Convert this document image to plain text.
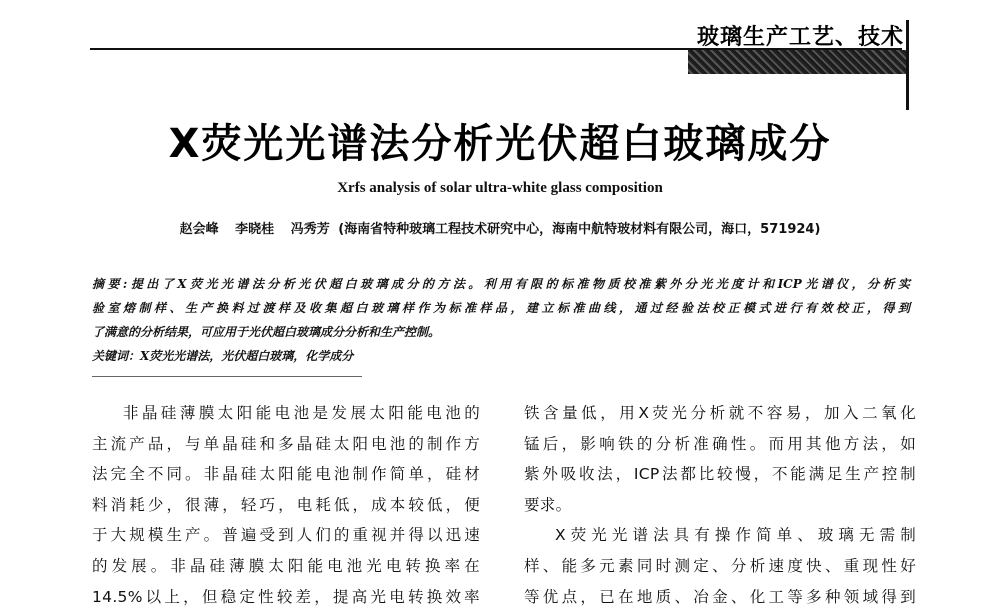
玻璃生产工艺、技术
X荧光光谱法分析光伏超白玻璃成分
Xrfs analysis of solar ultra-white glass composition
赵会峰 李晓桂 冯秀芳 (海南省特种玻璃工程技术研究中心，海南中航特玻材料有限公司，海口，571924)
摘要:提出了X荧光光谱法分析光伏超白玻璃成分的方法。利用有限的标准物质校准紫外分光光度计和ICP光谱仪，分析实
验室熔制样、生产换料过渡样及收集超白玻璃样作为标准样品，建立标准曲线，通过经验法校正模式进行有效校正，得到
了满意的分析结果，可应用于光伏超白玻璃成分分析和生产控制。
关键词：X荧光光谱法，光伏超白玻璃，化学成分
非晶硅薄膜太阳能电池是发展太阳能电池的
主流产品，与单晶硅和多晶硅太阳电池的制作方
法完全不同。非晶硅太阳能电池制作简单，硅材
料消耗少，很薄，轻巧，电耗低，成本较低，便
于大规模生产。普遍受到人们的重视并得以迅速
的发展。非晶硅薄膜太阳能电池光电转换率在
14.5%以上，但稳定性较差，提高光电转换效率
铁含量低，用X荧光分析就不容易，加入二氧化
锰后，影响铁的分析准确性。而用其他方法，如
紫外吸收法，ICP法都比较慢，不能满足生产控制
要求。
X荧光光谱法具有操作简单、玻璃无需制
样、能多元素同时测定、分析速度快、重现性好
等优点，已在地质、冶金、化工等多种领域得到
